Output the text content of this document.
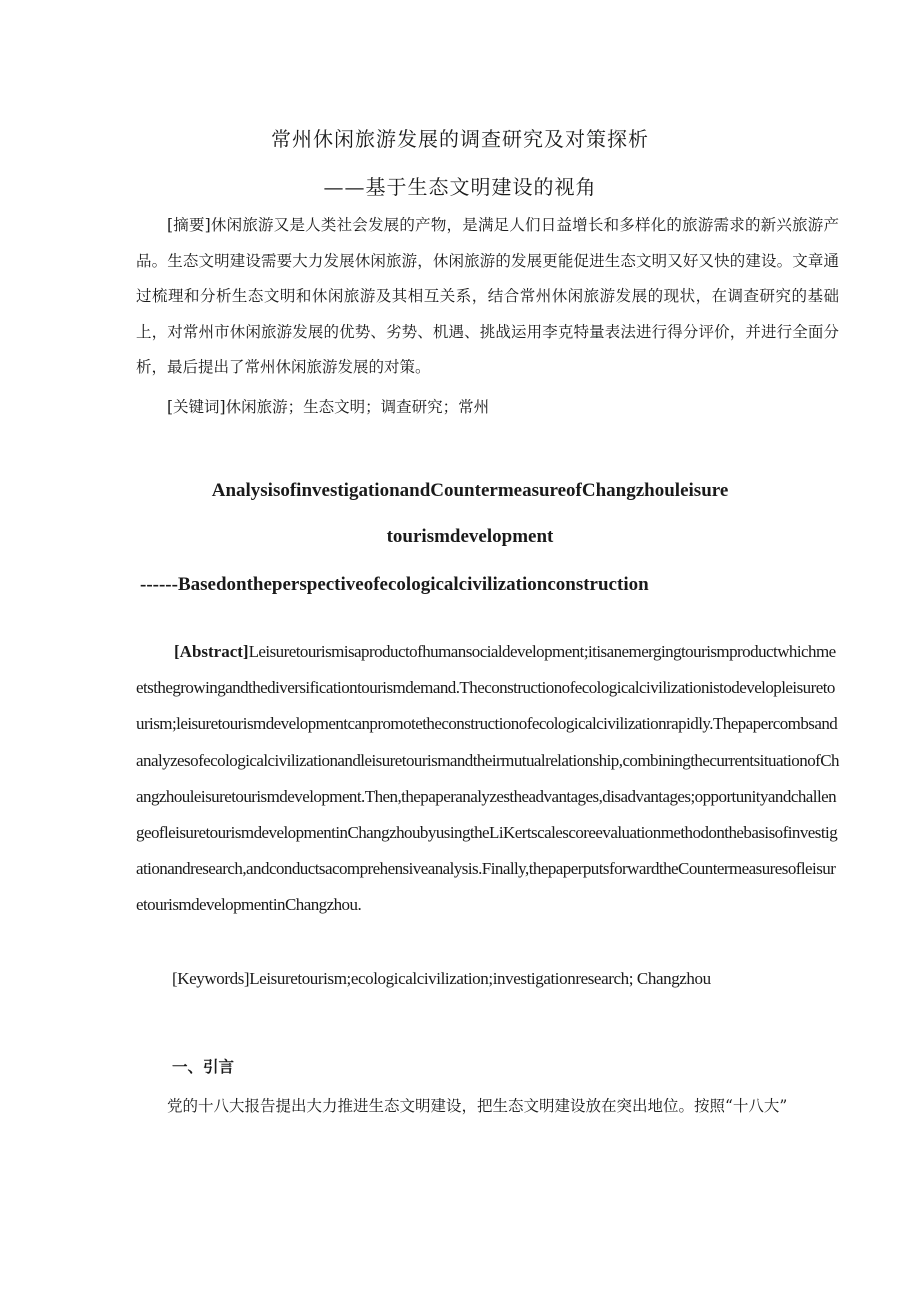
常州休闲旅游发展的调查研究及对策探析
——基于生态文明建设的视角

[摘要]休闲旅游又是人类社会发展的产物，是满足人们日益增长和多样化的旅游需求的新兴旅游产品。生态文明建设需要大力发展休闲旅游，休闲旅游的发展更能促进生态文明又好又快的建设。文章通过梳理和分析生态文明和休闲旅游及其相互关系，结合常州休闲旅游发展的现状，在调查研究的基础上，对常州市休闲旅游发展的优势、劣势、机遇、挑战运用李克特量表法进行得分评价，并进行全面分析，最后提出了常州休闲旅游发展的对策。

[关键词]休闲旅游；生态文明；调查研究；常州

AnalysisofinvestigationandCountermeasureofChangzhouleisure
tourismdevelopment
------Basedontheperspectiveofecologicalcivilizationconstruction

[Abstract]Leisuretourismisaproductofhumansocialdevelopment;itisanemergingtourismproductwhichmeetsthegrowingandthediversificationtourismdemand.Theconstructionofecologicalcivilizationistodevelopleisuretourism;leisuretourismdevelopmentcanpromotetheconstructionofecologicalcivilizationrapidly.Thepapercombsandanalyzesofecologicalcivilizationandleisuretourismandtheirmutualrelationship,combiningthecurrentsituationofChangzhouleisuretourismdevelopment.Then,thepaperanalyzestheadvantages,disadvantages;opportunityandchallengeofleisuretourismdevelopmentinChangzhoubyusingtheLiKertscalescoreevaluationmethodonthebasisofinvestigationandresearch,andconductsacomprehensiveanalysis.Finally,thepaperputsforwardtheCountermeasuresofleisuretourismdevelopmentinChangzhou.

[Keywords]Leisuretourism;ecologicalcivilization;investigationresearch; Changzhou

一、引言

党的十八大报告提出大力推进生态文明建设，把生态文明建设放在突出地位。按照“十八大”
